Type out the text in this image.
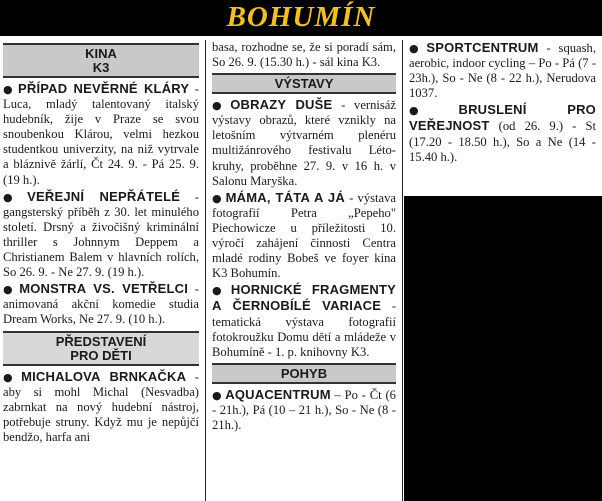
BOHUMÍN
KINA
K3
● PŘÍPAD NEVĚRNÉ KLÁRY - Luca, mladý talentovaný italský hudebník, žije v Praze se svou snoubenkou Klárou, velmi hezkou studentkou univerzity, na niž vytrvale a bláznivě žárlí, Čt 24. 9. - Pá 25. 9. (19 h.).
● VEŘEJNÍ NEPŘÁTELÉ - gangsterský příběh z 30. let minulého století. Drsný a živočišný kriminální thriller s Johnnym Deppem a Christianem Balem v hlavních rolích, So 26. 9. - Ne 27. 9. (19 h.).
● MONSTRA VS. VETŘELCI - animovaná akční komedie studia Dream Works, Ne 27. 9. (10 h.).
PŘEDSTAVENÍ
PRO DĚTI
● MICHALOVA BRNKAČKA - aby si mohl Michal (Nesvadba) zabrnkat na nový hudební nástroj, potřebuje struny. Když mu je nepůjčí bendžo, harfa ani
basa, rozhodne se, že si poradí sám, So 26. 9. (15.30 h.) - sál kina K3.
VÝSTAVY
● OBRAZY DUŠE - vernisáž výstavy obrazů, které vznikly na letošním výtvarném plenéru multižánrového festivalu Léto-kruhy, proběhne 27. 9. v 16 h. v Salonu Maryška.
● MÁMA, TÁTA A JÁ - výstava fotografií Petra „Pepeho" Piechowicze u příležitosti 10. výročí zahájení činnosti Centra mladé rodiny Bobeš ve foyer kina K3 Bohumín.
● HORNICKÉ FRAGMENTY A ČERNOBÍLÉ VARIACE - tematická výstava fotografií fotokroužku Domu dětí a mládeže v Bohumíně - 1. p. knihovny K3.
POHYB
● AQUACENTRUM – Po - Čt (6 - 21h.), Pá (10 – 21 h.), So - Ne (8 - 21h.).
● SPORTCENTRUM - squash, aerobic, indoor cycling – Po - Pá (7 - 23h.), So - Ne (8 - 22 h.), Nerudova 1037.
● BRUSLENÍ PRO VEŘEJNOST (od 26. 9.) - St (17.20 - 18.50 h.), So a Ne (14 - 15.40 h.).
